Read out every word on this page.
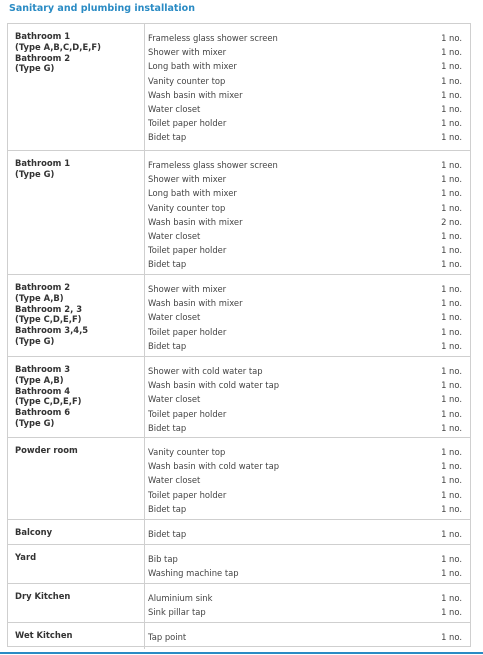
Sanitary and plumbing installation
Bathroom 1
(Type A,B,C,D,E,F)
Bathroom 2
(Type G)
Frameless glass shower screen	1 no.
Shower with mixer	1 no.
Long bath with mixer	1 no.
Vanity counter top	1 no.
Wash basin with mixer	1 no.
Water closet	1 no.
Toilet paper holder	1 no.
Bidet tap	1 no.
Bathroom 1
(Type G)
Frameless glass shower screen	1 no.
Shower with mixer	1 no.
Long bath with mixer	1 no.
Vanity counter top	1 no.
Wash basin with mixer	2 no.
Water closet	1 no.
Toilet paper holder	1 no.
Bidet tap	1 no.
Bathroom 2
(Type A,B)
Bathroom 2, 3
(Type C,D,E,F)
Bathroom 3,4,5
(Type G)
Shower with mixer	1 no.
Wash basin with mixer	1 no.
Water closet	1 no.
Toilet paper holder	1 no.
Bidet tap	1 no.
Bathroom 3
(Type A,B)
Bathroom 4
(Type C,D,E,F)
Bathroom 6
(Type G)
Shower with cold water tap	1 no.
Wash basin with cold water tap	1 no.
Water closet	1 no.
Toilet paper holder	1 no.
Bidet tap	1 no.
Powder room	Vanity counter top	1 no.
Wash basin with cold water tap	1 no.
Water closet	1 no.
Toilet paper holder	1 no.
Bidet tap	1 no.
Balcony	Bidet tap	1 no.
Yard	Bib tap	1 no.
Washing machine tap	1 no.
Dry Kitchen	Aluminium sink	1 no.
Sink pillar tap	1 no.
Wet Kitchen	Tap point	1 no.
